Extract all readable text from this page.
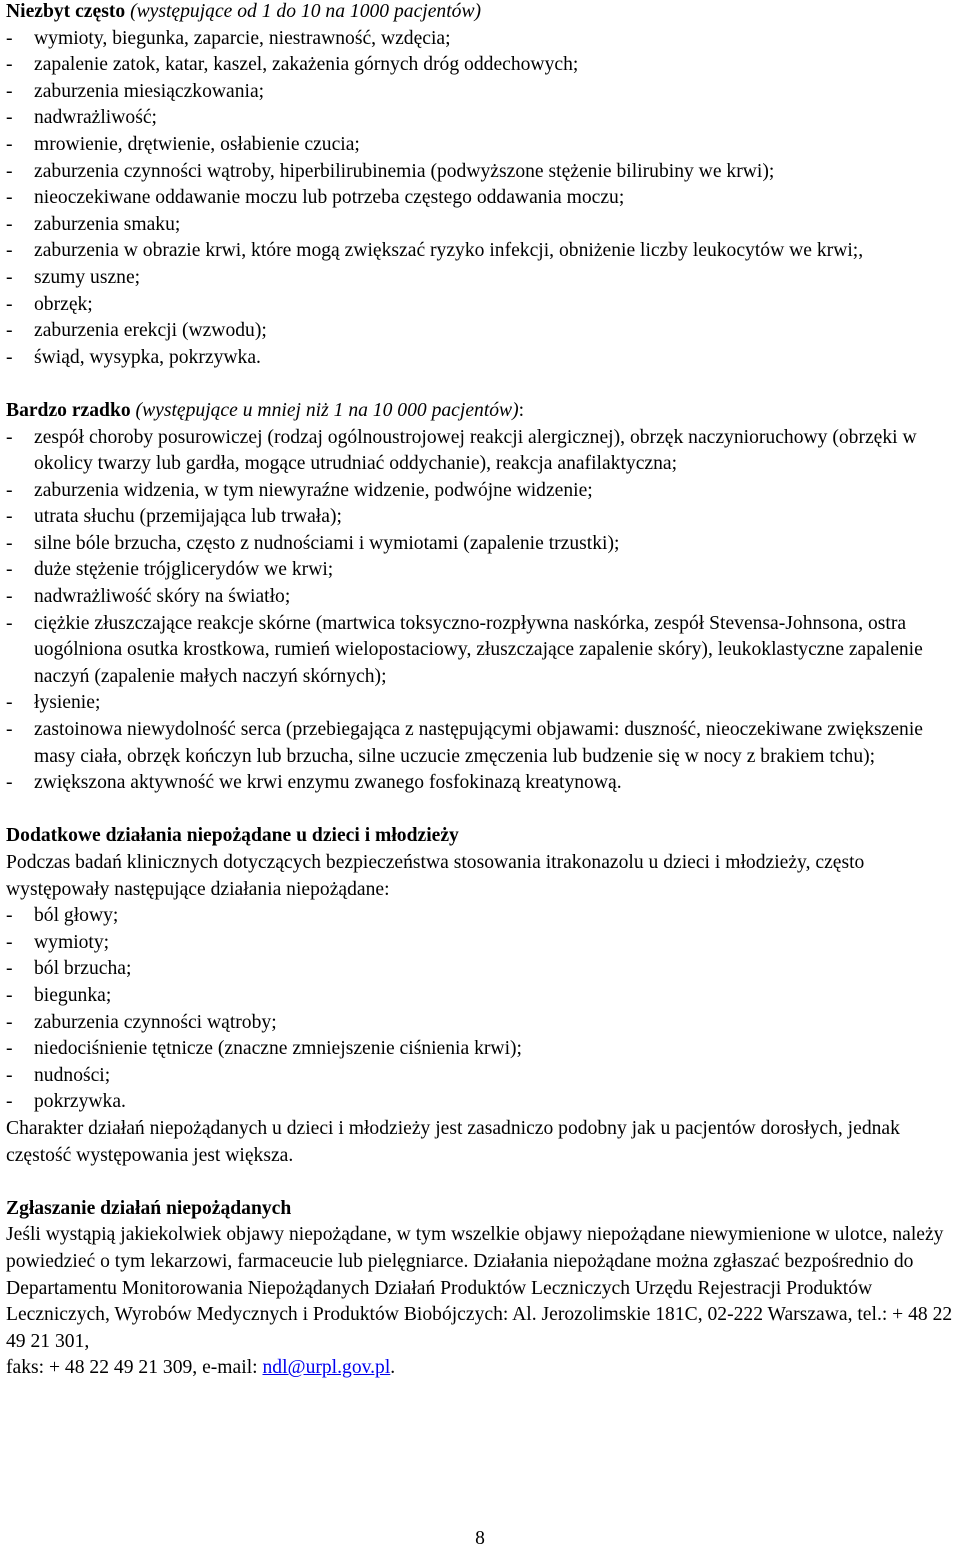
Niezbyt często (występujące od 1 do 10 na 1000 pacjentów)
- wymioty, biegunka, zaparcie, niestrawność, wzdęcia;
- zapalenie zatok, katar, kaszel, zakażenia górnych dróg oddechowych;
- zaburzenia miesiączkowania;
- nadwrażliwość;
- mrowienie, drętwienie, osłabienie czucia;
- zaburzenia czynności wątroby, hiperbilirubinemia (podwyższone stężenie bilirubiny we krwi);
- nieoczekiwane oddawanie moczu lub potrzeba częstego oddawania moczu;
- zaburzenia smaku;
- zaburzenia w obrazie krwi, które mogą zwiększać ryzyko infekcji, obniżenie liczby leukocytów we krwi;,
- szumy uszne;
- obrzęk;
- zaburzenia erekcji (wzwodu);
- świąd, wysypka, pokrzywka.
Bardzo rzadko (występujące u mniej niż 1 na 10 000 pacjentów):
- zespół choroby posurowiczej (rodzaj ogólnoustrojowej reakcji alergicznej), obrzęk naczynioruchowy (obrzęki w okolicy twarzy lub gardła, mogące utrudniać oddychanie), reakcja anafilaktyczna;
- zaburzenia widzenia, w tym niewyraźne widzenie, podwójne widzenie;
- utrata słuchu (przemijająca lub trwała);
- silne bóle brzucha, często z nudnościami i wymiotami (zapalenie trzustki);
- duże stężenie trójglicerydów we krwi;
- nadwrażliwość skóry na światło;
- ciężkie złuszczające reakcje skórne (martwica toksyczno-rozpływna naskórka, zespół Stevensa-Johnsona, ostra uogólniona osutka krostkowa, rumień wielopostaciowy, złuszczające zapalenie skóry), leukoklastyczne zapalenie naczyń (zapalenie małych naczyń skórnych);
- łysienie;
- zastoinowa niewydolność serca (przebiegająca z następującymi objawami: duszność, nieoczekiwane zwiększenie masy ciała, obrzęk kończyn lub brzucha, silne uczucie zmęczenia lub budzenie się w nocy z brakiem tchu);
- zwiększona aktywność we krwi enzymu zwanego fosfokinazą kreatynową.
Dodatkowe działania niepożądane u dzieci i młodzieży

Podczas badań klinicznych dotyczących bezpieczeństwa stosowania itrakonazolu u dzieci i młodzieży, często występowały następujące działania niepożądane:

- ból głowy;
- wymioty;
- ból brzucha;
- biegunka;
- zaburzenia czynności wątroby;
- niedociśnienie tętnicze (znaczne zmniejszenie ciśnienia krwi);
- nudności;
- pokrzywka.

Charakter działań niepożądanych u dzieci i młodzieży jest zasadniczo podobny jak u pacjentów dorosłych, jednak częstość występowania jest większa.

Zgłaszanie działań niepożądanych

Jeśli wystąpią jakiekolwiek objawy niepożądane, w tym wszelkie objawy niepożądane niewymienione w ulotce, należy powiedzieć o tym lekarzowi, farmaceucie lub pielęgniarce. Działania niepożądane można zgłaszać bezpośrednio do Departamentu Monitorowania Niepożądanych Działań Produktów Leczniczych Urzędu Rejestracji Produktów Leczniczych, Wyrobów Medycznych i Produktów Biobójczych: Al. Jerozolimskie 181C, 02-222 Warszawa, tel.: + 48 22 49 21 301,

faks: + 48 22 49 21 309, e-mail: ndl@urpl.gov.pl.

8
